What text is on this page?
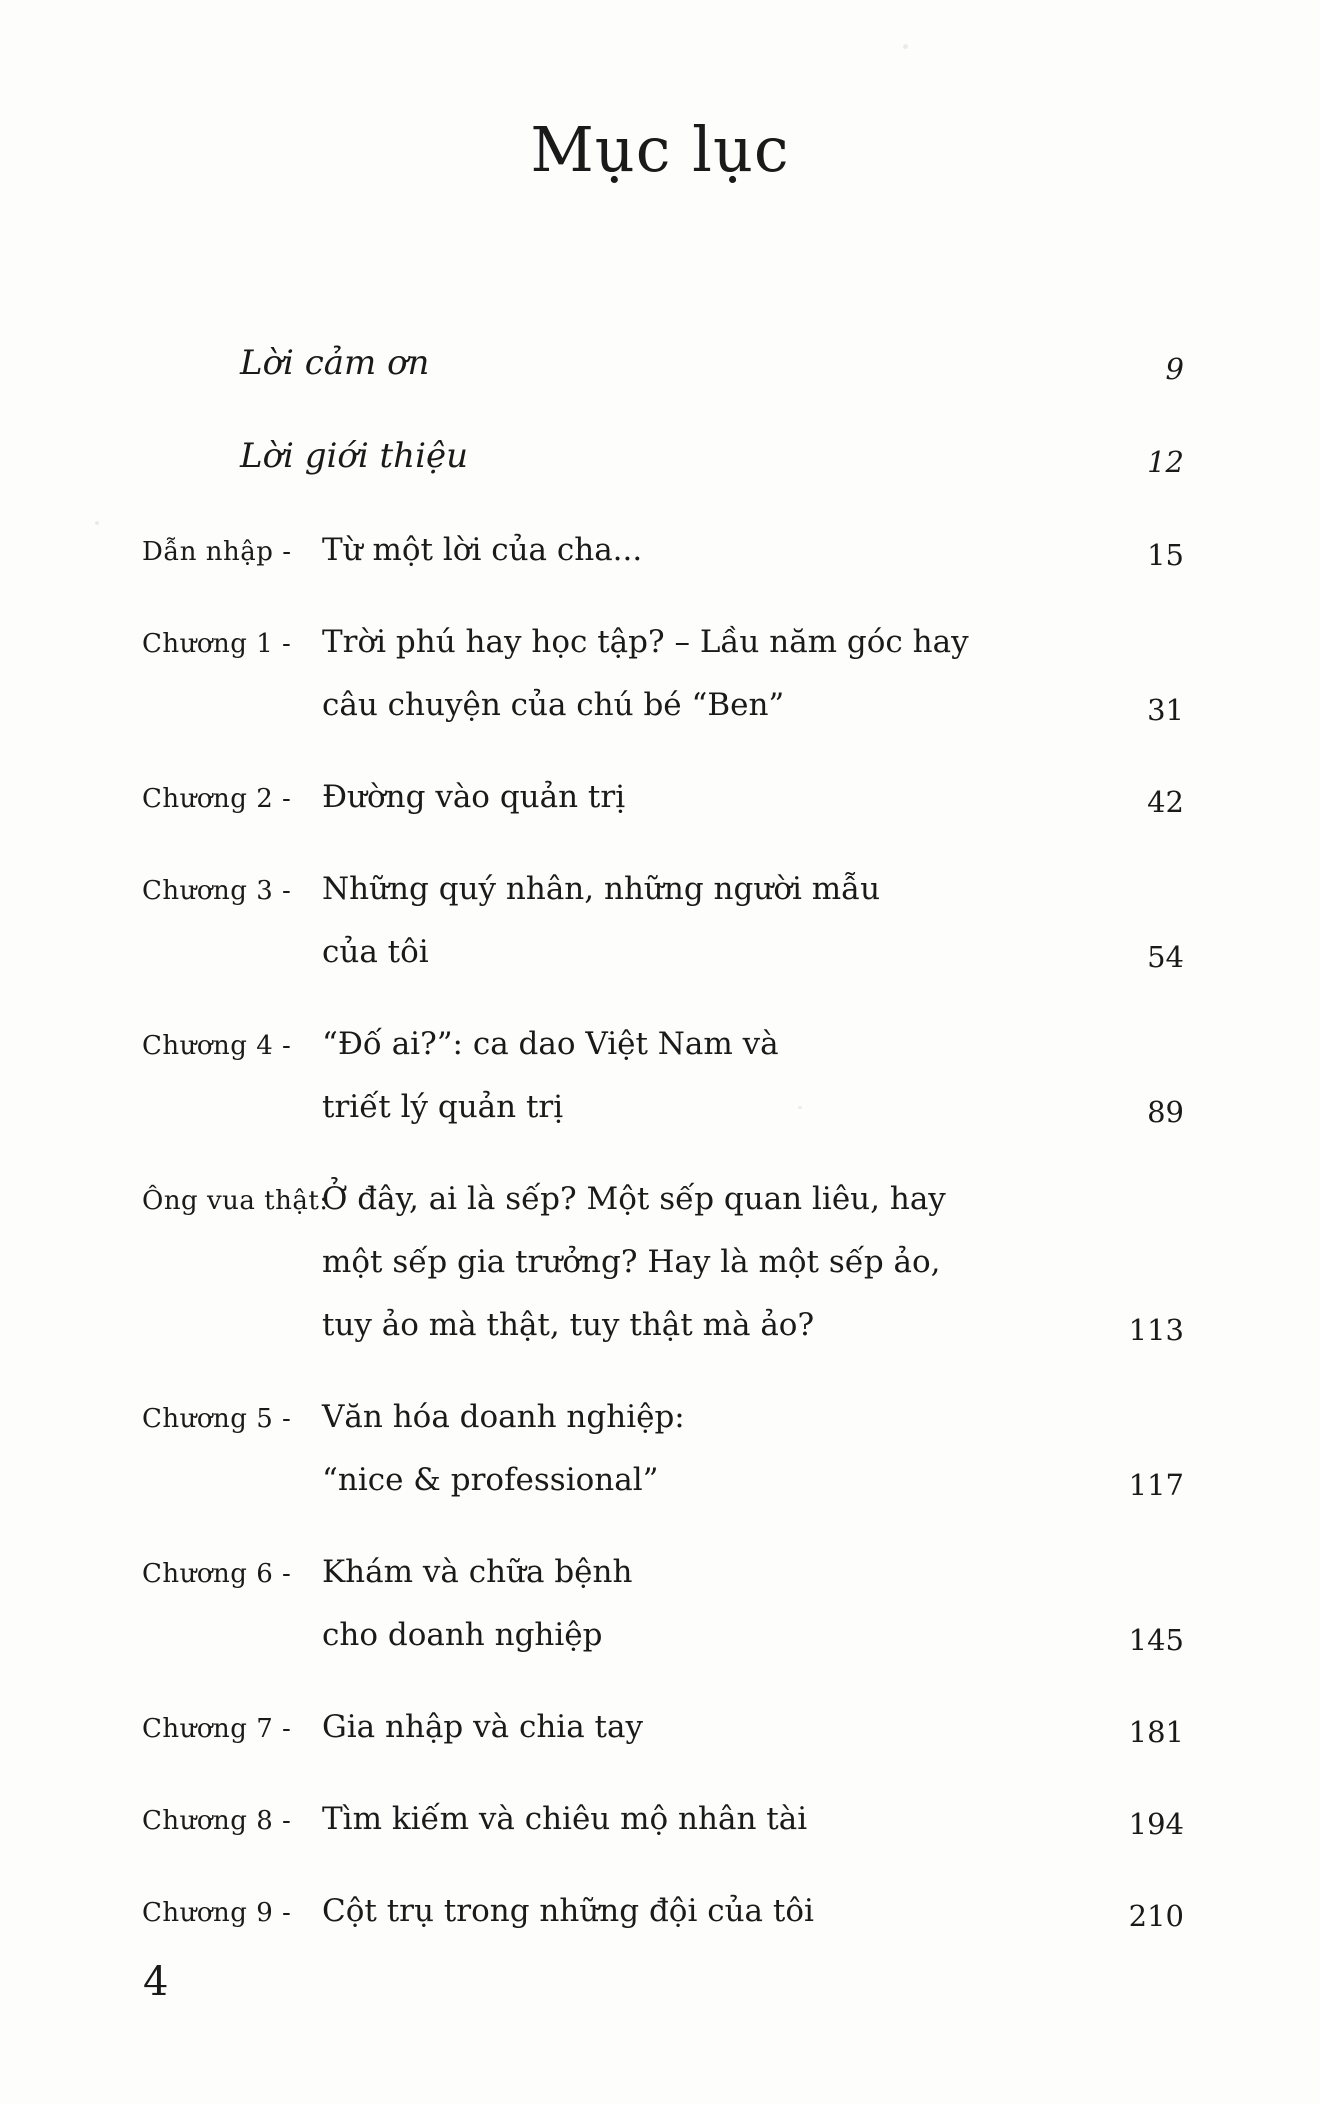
Mục lục
Lời cảm ơn	9
Lời giới thiệu	12
Dẫn nhập - Từ một lời của cha...	15
Chương 1 - Trời phú hay học tập? – Lầu năm góc hay
câu chuyện của chú bé “Ben”	31
Chương 2 - Đường vào quản trị	42
Chương 3 - Những quý nhân, những người mẫu
của tôi	54
Chương 4 - “Đố ai?”: ca dao Việt Nam và
triết lý quản trị	89
Ông vua thật:Ở đây, ai là sếp? Một sếp quan liêu, hay
một sếp gia trưởng? Hay là một sếp ảo,
tuy ảo mà thật, tuy thật mà ảo?	113
Chương 5 - Văn hóa doanh nghiệp:
“nice & professional”	117
Chương 6 - Khám và chữa bệnh
cho doanh nghiệp	145
Chương 7 - Gia nhập và chia tay	181
Chương 8 - Tìm kiếm và chiêu mộ nhân tài	194
Chương 9 - Cột trụ trong những đội của tôi	210
4
